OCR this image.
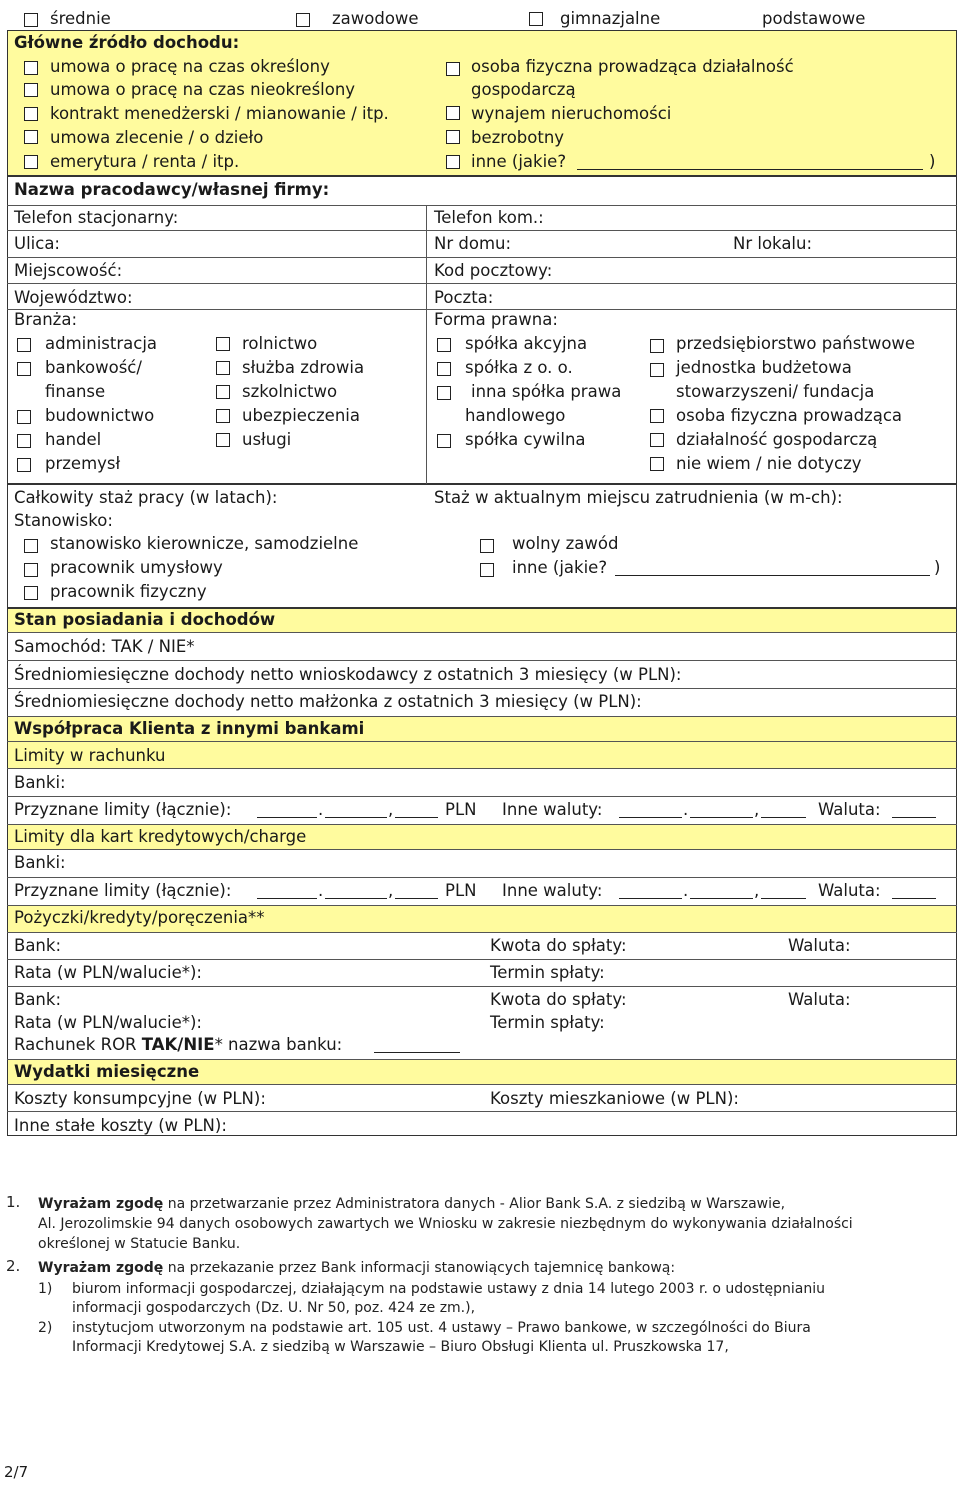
średnie	zawodowe	gimnazjalne	podstawowe
Główne źródło dochodu:
umowa o pracę na czas określony
umowa o pracę na czas nieokreślony
kontrakt menedżerski / mianowanie / itp.
umowa zlecenie / o dzieło
emerytura / renta / itp.
osoba fizyczna prowadząca działalność
gospodarczą
wynajem nieruchomości
bezrobotny
inne (jakie?	)
Nazwa pracodawcy/własnej firmy:
Telefon stacjonarny:	Telefon kom.:
Ulica:	Nr domu:	Nr lokalu:
Miejscowość:	Kod pocztowy:
Województwo:	Poczta:
Branża:
administracja
bankowość/
finanse
budownictwo
handel
przemysł
rolnictwo
służba zdrowia
szkolnictwo
ubezpieczenia
usługi
Forma prawna:
spółka akcyjna
spółka z o. o.
inna spółka prawa
handlowego
spółka cywilna
przedsiębiorstwo państwowe
jednostka budżetowa
stowarzyszeni/ fundacja
osoba fizyczna prowadząca
działalność gospodarczą
nie wiem / nie dotyczy
Całkowity staż pracy (w latach):	Staż w aktualnym miejscu zatrudnienia (w m-ch):
Stanowisko:
stanowisko kierownicze, samodzielne
pracownik umysłowy
pracownik fizyczny
wolny zawód
inne (jakie?	)
Stan posiadania i dochodów
Samochód: TAK / NIE*
Średniomiesięczne dochody netto wnioskodawcy z ostatnich 3 miesięcy (w PLN):
Średniomiesięczne dochody netto małżonka z ostatnich 3 miesięcy (w PLN):
Współpraca Klienta z innymi bankami
Limity w rachunku
Banki:
Przyznane limity (łącznie):	.	,	PLN Inne waluty:	.	,	Waluta:
Limity dla kart kredytowych/charge
Banki:
Przyznane limity (łącznie):	.	,	PLN Inne waluty:	.	,	Waluta:
Pożyczki/kredyty/poręczenia**
Bank:	Kwota do spłaty:	Waluta:
Rata (w PLN/walucie*):	Termin spłaty:
Bank:	Kwota do spłaty:	Waluta:
Rata (w PLN/walucie*):	Termin spłaty:
Rachunek ROR TAK/NIE* nazwa banku:
Wydatki miesięczne
Koszty konsumpcyjne (w PLN):	Koszty mieszkaniowe (w PLN):
Inne stałe koszty (w PLN):
1. Wyrażam zgodę na przetwarzanie przez Administratora danych - Alior Bank S.A. z siedzibą w Warszawie,
Al. Jerozolimskie 94 danych osobowych zawartych we Wniosku w zakresie niezbędnym do wykonywania działalności
określonej w Statucie Banku.
2. Wyrażam zgodę na przekazanie przez Bank informacji stanowiących tajemnicę bankową:
1) biurom informacji gospodarczej, działającym na podstawie ustawy z dnia 14 lutego 2003 r. o udostępnianiu
informacji gospodarczych (Dz. U. Nr 50, poz. 424 ze zm.),
2) instytucjom utworzonym na podstawie art. 105 ust. 4 ustawy – Prawo bankowe, w szczególności do Biura
Informacji Kredytowej S.A. z siedzibą w Warszawie – Biuro Obsługi Klienta ul. Pruszkowska 17,
2/7
